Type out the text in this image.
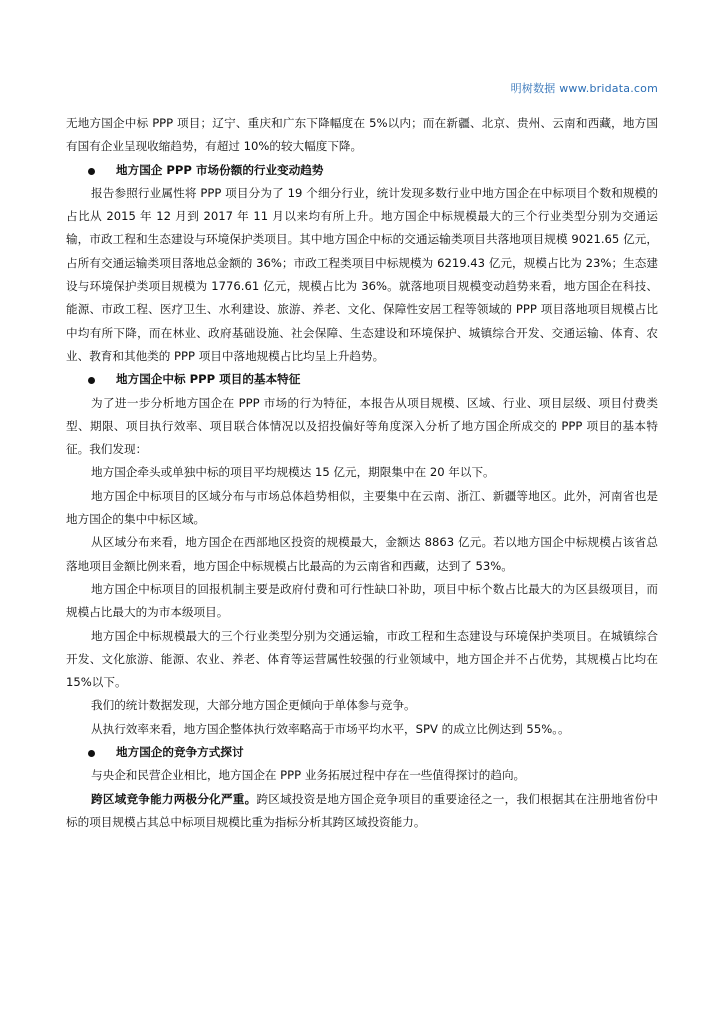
明树数据 www.bridata.com

无地方国企中标 PPP 项目；辽宁、重庆和广东下降幅度在 5%以内；而在新疆、北京、贵州、云南和西藏，地方国有国有企业呈现收缩趋势，有超过 10%的较大幅度下降。

地方国企 PPP 市场份额的行业变动趋势

报告参照行业属性将 PPP 项目分为了 19 个细分行业，统计发现多数行业中地方国企在中标项目个数和规模的占比从 2015 年 12 月到 2017 年 11 月以来均有所上升。地方国企中标规模最大的三个行业类型分别为交通运输，市政工程和生态建设与环境保护类项目。其中地方国企中标的交通运输类项目共落地项目规模 9021.65 亿元，占所有交通运输类项目落地总金额的 36%；市政工程类项目中标规模为 6219.43 亿元，规模占比为 23%；生态建设与环境保护类项目规模为 1776.61 亿元，规模占比为 36%。就落地项目规模变动趋势来看，地方国企在科技、能源、市政工程、医疗卫生、水利建设、旅游、养老、文化、保障性安居工程等领域的 PPP 项目落地项目规模占比中均有所下降，而在林业、政府基础设施、社会保障、生态建设和环境保护、城镇综合开发、交通运输、体育、农业、教育和其他类的 PPP 项目中落地规模占比均呈上升趋势。

地方国企中标 PPP 项目的基本特征

为了进一步分析地方国企在 PPP 市场的行为特征，本报告从项目规模、区域、行业、项目层级、项目付费类型、期限、项目执行效率、项目联合体情况以及招投偏好等角度深入分析了地方国企所成交的 PPP 项目的基本特征。我们发现：

地方国企牵头或单独中标的项目平均规模达 15 亿元，期限集中在 20 年以下。

地方国企中标项目的区域分布与市场总体趋势相似，主要集中在云南、浙江、新疆等地区。此外，河南省也是地方国企的集中中标区域。

从区域分布来看，地方国企在西部地区投资的规模最大，金额达 8863 亿元。若以地方国企中标规模占该省总落地项目金额比例来看，地方国企中标规模占比最高的为云南省和西藏，达到了 53%。

地方国企中标项目的回报机制主要是政府付费和可行性缺口补助，项目中标个数占比最大的为区县级项目，而规模占比最大的为市本级项目。

地方国企中标规模最大的三个行业类型分别为交通运输，市政工程和生态建设与环境保护类项目。在城镇综合开发、文化旅游、能源、农业、养老、体育等运营属性较强的行业领域中，地方国企并不占优势，其规模占比均在 15%以下。

我们的统计数据发现，大部分地方国企更倾向于单体参与竞争。

从执行效率来看，地方国企整体执行效率略高于市场平均水平，SPV 的成立比例达到 55%。。

地方国企的竞争方式探讨

与央企和民营企业相比，地方国企在 PPP 业务拓展过程中存在一些值得探讨的趋向。

跨区域竞争能力两极分化严重。跨区域投资是地方国企竞争项目的重要途径之一，我们根据其在注册地省份中标的项目规模占其总中标项目规模比重为指标分析其跨区域投资能力。
